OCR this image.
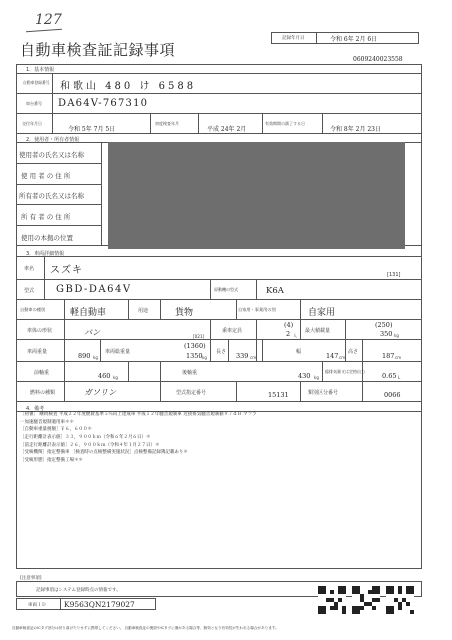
127
自動車検査証記録事項
記録年月日	令和 6年 2月 6日
0609240023558
1．基本情報
自動車登録番号 和歌山 480 け 6588
車台番号 DA64V-767310
交付年月日
令和 5年 7月 5日
初度検査年月
平成 24年 2月
有効期間の満了する日
令和 8年 2月 23日
2．使用者・所有者情報
使用者の氏名又は名称
使 用 者 の 住 所
所有者の氏名又は名称
所 有 者 の 住 所
使用の本拠の位置
3．車両詳細情報
車名 スズキ	[131]
型式 GBD-DA64V	原動機の型式	K6A
自動車の種別	軽自動車	用途	貨物	自家用・事業用の別	自家用
車体の形状	バン	[021]
乗車定員
(4)
2 人
最大積載量
(250)
350 kg
車両重量	890 kg
車両総重量
(1360)
1350 kg
長さ 339 cm
幅	147 cm
高さ	187 cm
前軸重	460 kg
後軸重	430 kg
総排気量又は定格出力
0.65 L
燃料の種類	ガソリン	型式指定番号	15131	類別区分番号	0066
4．備考
［初審］ 継続検査 平成２２年度燃費基準５％向上達成車 平成１２年騒音規制車 近接排気騒音規制値９７ｄＢ マフラ
一加速騒音規制適用車＊＊
［自動車重量税額］￥６，６００＊
［走行距離計表示値］３３，９００ｋｍ（令和６年２月６日）＊
［前走行距離計表示値］２６，９００ｋｍ（令和４年１月２７日）＊
［受検機関］指定整備車 ［検査時の点検整備実施状況］点検整備記録簿記載あり＊
［受検形態］指定整備工場＊＊
[注意事項]
記録事項はシステム登録時点の情報です。
車両ＩＤ K9563QN2179027
自動車検査証のICタグ部分は折り曲げたりせずに携帯してください。 自動車検査証の裏面やICタグに傷がある場合等、無効となり有効性が失われる場合があります。
